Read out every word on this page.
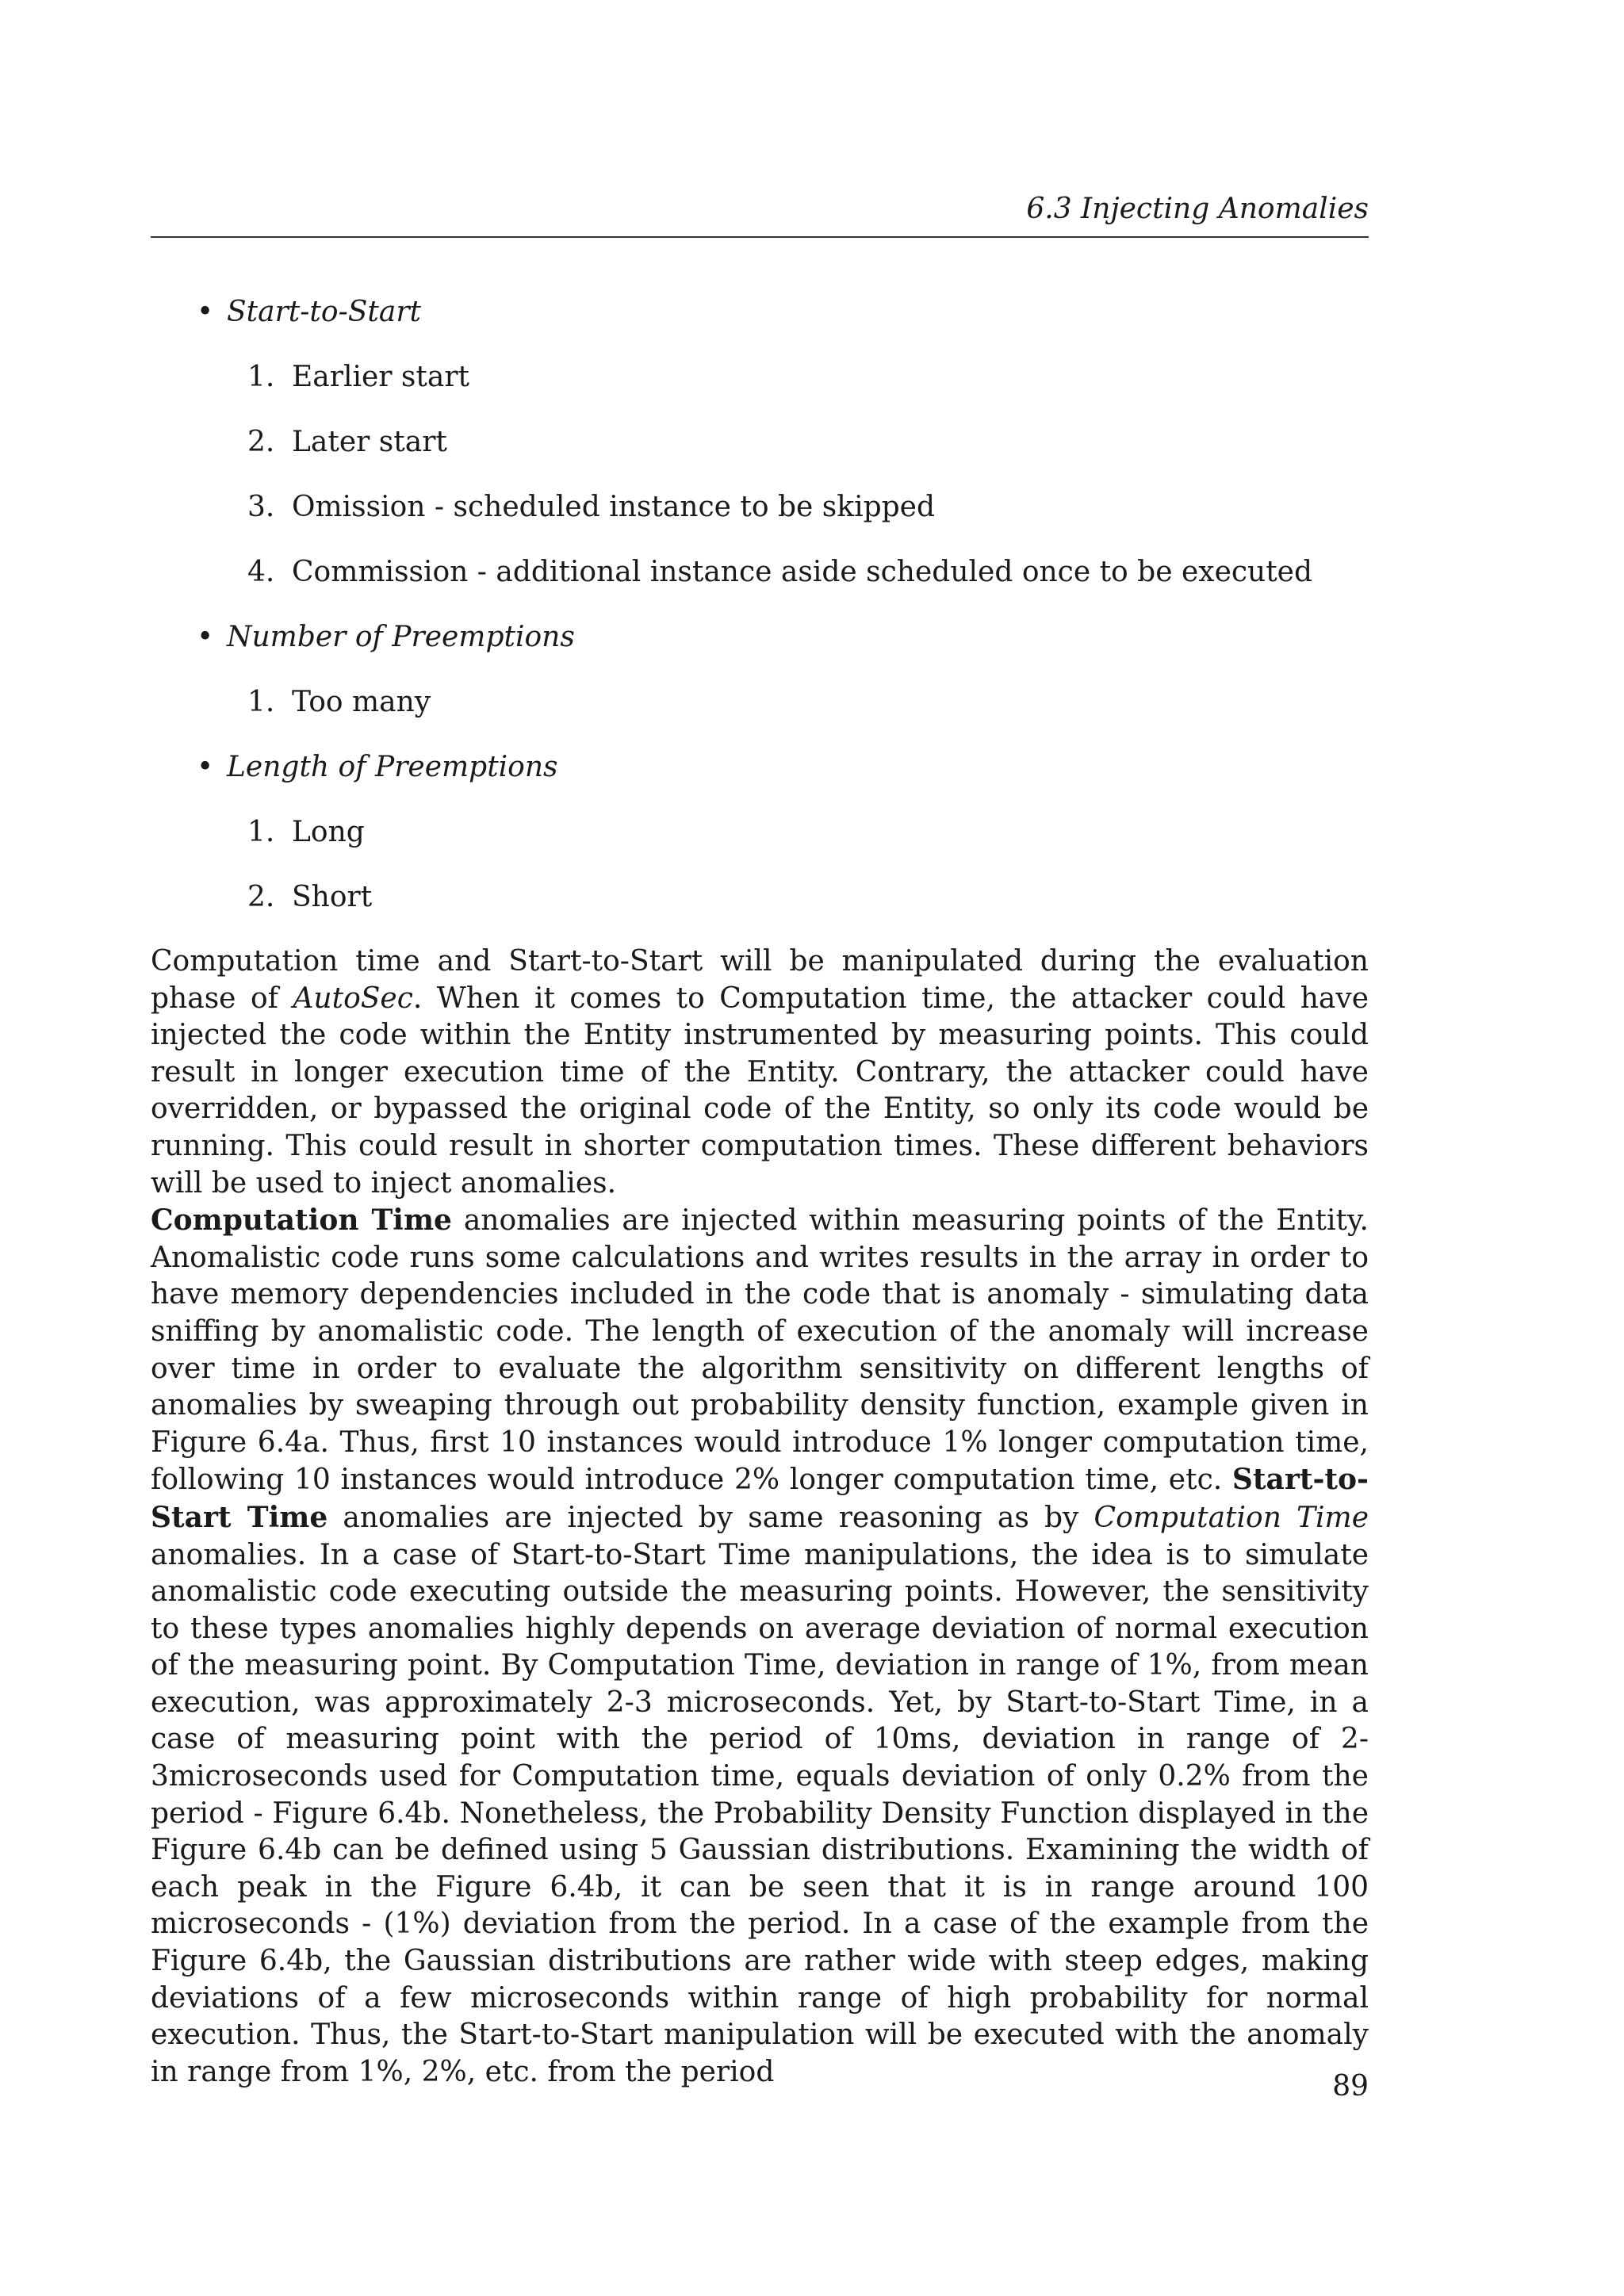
6.3 Injecting Anomalies
• Start-to-Start
1. Earlier start
2. Later start
3. Omission - scheduled instance to be skipped
4. Commission - additional instance aside scheduled once to be executed
• Number of Preemptions
1. Too many
• Length of Preemptions
1. Long
2. Short

Computation time and Start-to-Start will be manipulated during the evaluation phase of AutoSec. When it comes to Computation time, the attacker could have injected the code within the Entity instrumented by measuring points. This could result in longer execution time of the Entity. Contrary, the attacker could have overridden, or bypassed the original code of the Entity, so only its code would be running. This could result in shorter computation times. These different behaviors will be used to inject anomalies.

Computation Time anomalies are injected within measuring points of the Entity. Anomalistic code runs some calculations and writes results in the array in order to have memory dependencies included in the code that is anomaly - simulating data sniffing by anomalistic code. The length of execution of the anomaly will increase over time in order to evaluate the algorithm sensitivity on different lengths of anomalies by sweaping through out probability density function, example given in Figure 6.4a. Thus, first 10 instances would introduce 1% longer computation time, following 10 instances would introduce 2% longer computation time, etc. Start-to-Start Time anomalies are injected by same reasoning as by Computation Time anomalies. In a case of Start-to-Start Time manipulations, the idea is to simulate anomalistic code executing outside the measuring points. However, the sensitivity to these types anomalies highly depends on average deviation of normal execution of the measuring point. By Computation Time, deviation in range of 1%, from mean execution, was approximately 2-3 microseconds. Yet, by Start-to-Start Time, in a case of measuring point with the period of 10ms, deviation in range of 2-3microseconds used for Computation time, equals deviation of only 0.2% from the period - Figure 6.4b. Nonetheless, the Probability Density Function displayed in the Figure 6.4b can be defined using 5 Gaussian distributions. Examining the width of each peak in the Figure 6.4b, it can be seen that it is in range around 100 microseconds - (1%) deviation from the period. In a case of the example from the Figure 6.4b, the Gaussian distributions are rather wide with steep edges, making deviations of a few microseconds within range of high probability for normal execution. Thus, the Start-to-Start manipulation will be executed with the anomaly in range from 1%, 2%, etc. from the period	89
